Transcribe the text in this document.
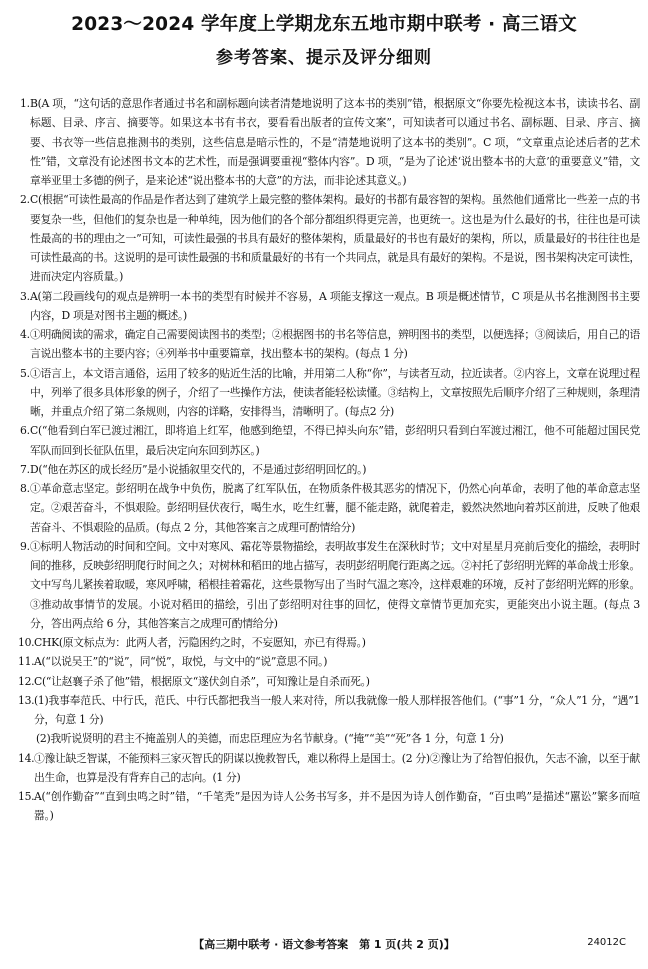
2023～2024 学年度上学期龙东五地市期中联考 · 高三语文
参考答案、提示及评分细则
1. B(A 项，“这句话的意思作者通过书名和副标题向读者清楚地说明了这本书的类别”错，根据原文“你要先检视这本书，读读书名、副标题、目录、序言、摘要等。如果这本书有书衣，要看看出版者的宣传文案”，可知读者可以通过书名、副标题、目录、序言、摘要、书衣等一些信息推测书的类别，这些信息是暗示性的，不是“清楚地说明了这本书的类别”。C 项，“文章重点论述后者的艺术性”错，文章没有论述图书文本的艺术性，而是强调要重视“整体内容”。D 项，“是为了论述‘说出整本书的大意’的重要意义”错，文章举亚里士多德的例子，是来论述“说出整本书的大意”的方法，而非论述其意义。)
2. C(根据“可读性最高的作品是作者达到了建筑学上最完整的整体架构。最好的书都有最容智的架构。虽然他们通常比一些差一点的书要复杂一些，但他们的复杂也是一种单纯，因为他们的各个部分都组织得更完善，也更统一。这也是为什么最好的书，往往也是可读性最高的书的理由之一”可知，可读性最强的书具有最好的整体架构，质量最好的书也有最好的架构，所以，质量最好的书往往也是可读性最高的书。这说明的是可读性最强的书和质量最好的书有一个共同点，就是具有最好的架构。不是说，图书架构决定可读性，进而决定内容质量。)
3. A(第二段画线句的观点是辨明一本书的类型有时候并不容易，A 项能支撑这一观点。B 项是概述情节，C 项是从书名推测图书主要内容，D 项是对图书主题的概述。)
4. ①明确阅读的需求，确定自己需要阅读图书的类型；②根据图书的书名等信息，辨明图书的类型，以便选择；③阅读后，用自己的语言说出整本书的主要内容；④列举书中重要篇章，找出整本书的架构。(每点 1 分)
5. ①语言上，本文语言通俗，运用了较多的贴近生活的比喻，并用第二人称“你”，与读者互动，拉近读者。②内容上，文章在说理过程中，列举了很多具体形象的例子，介绍了一些操作方法，使读者能轻松读懂。③结构上，文章按照先后顺序介绍了三种规则，条理清晰，并重点介绍了第二条规则，内容的详略，安排得当，清晰明了。(每点2 分)
6. C(“他看到白军已渡过湘江，即将追上红军，他感到绝望，不得已掉头向东”错，彭绍明只看到白军渡过湘江，他不可能超过国民党军队而回到长征队伍里，最后决定向东回到苏区。)
7. D(“他在苏区的成长经历”是小说插叙里交代的，不是通过彭绍明回忆的。)
8. ①革命意志坚定。彭绍明在战争中负伤，脱离了红军队伍，在物质条件极其恶劣的情况下，仍然心向革命，表明了他的革命意志坚定。②艰苦奋斗，不惧艰险。彭绍明昼伏夜行，喝生水，吃生红薯，腿不能走路，就爬着走，毅然决然地向着苏区前进，反映了他艰苦奋斗、不惧艰险的品质。(每点 2 分，其他答案言之成理可酌情给分)
9. ①标明人物活动的时间和空间。文中对寒风、霜花等景物描绘，表明故事发生在深秋时节；文中对星星月亮前后变化的描绘，表明时间的推移，反映彭绍明爬行时间之久；对树林和稻田的地占描写，表明彭绍明爬行距离之远。②衬托了彭绍明光辉的革命战士形象。文中写鸟儿紧挨着取暖，寒风呼啸，稻根挂着霜花，这些景物写出了当时气温之寒冷，这样艰难的环境，反衬了彭绍明光辉的形象。③推动故事情节的发展。小说对稻田的描绘，引出了彭绍明对往事的回忆，使得文章情节更加充实，更能突出小说主题。(每点 3 分，答出两点给 6 分，其他答案言之成理可酌情给分)
10. CHK(原文标点为：此两人者，污隐困约之时，不妄愿知，亦已有得焉。)
11. A(“以说吴王”的“说”，同“悦”，取悦，与文中的“说”意思不同。)
12. C(“让赵襄子杀了他”错，根据原文“遂伏剑自杀”，可知豫让是自杀而死。)
13. (1)我事奉范氏、中行氏，范氏、中行氏都把我当一般人来对待，所以我就像一般人那样报答他们。(“事”1 分，“众人”1 分，“遇”1 分，句意 1 分)
(2)我听说贤明的君主不掩盖别人的美德，而忠臣理应为名节献身。(“掩”“美”“死”各 1 分，句意 1 分)
14. ①豫让缺乏智谋，不能预料三家灭智氏的阴谋以挽救智氏，难以称得上是国士。(2 分)②豫让为了给智伯报仇，矢志不渝，以至于献出生命，也算是没有背弃自己的志向。(1 分)
15. A(“创作勤奋”“直到虫鸣之时”错，“千笔秃”是因为诗人公务书写多，并不是因为诗人创作勤奋，“百虫鸣”是描述“嚚讼”繁多而喧嚣。)
【高三期中联考 · 语文参考答案　第 1 页(共 2 页)】	24012C
